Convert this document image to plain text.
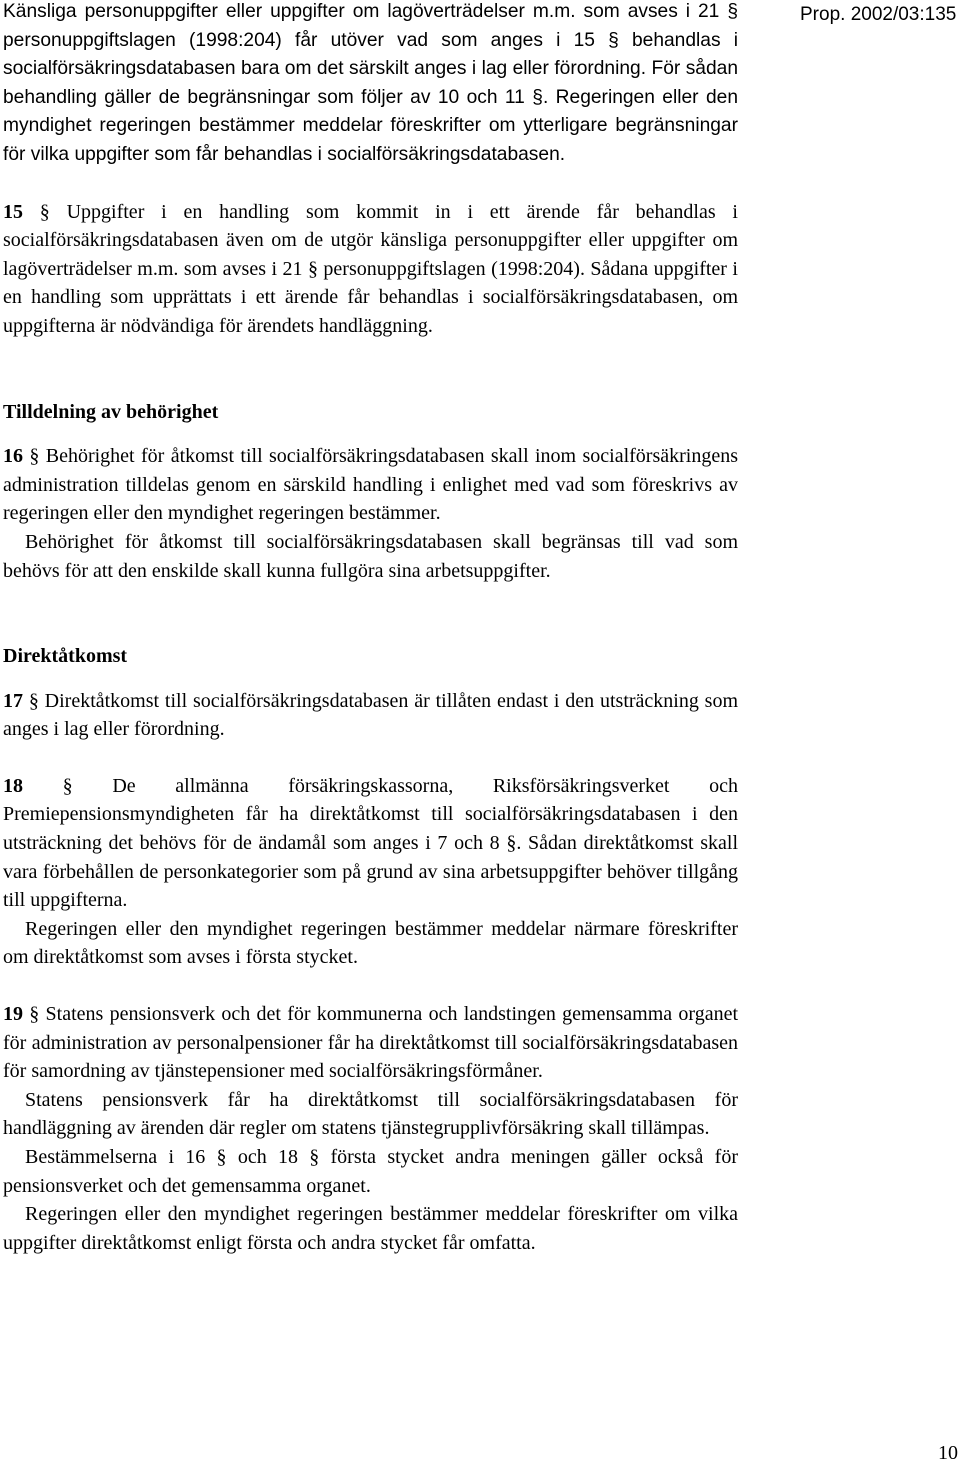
Prop. 2002/03:135

Känsliga personuppgifter eller uppgifter om lagöverträdelser m.m. som avses i 21 § personuppgiftslagen (1998:204) får utöver vad som anges i 15 § behandlas i socialförsäkringsdatabasen bara om det särskilt anges i lag eller förordning. För sådan behandling gäller de begränsningar som följer av 10 och 11 §. Regeringen eller den myndighet regeringen bestämmer meddelar föreskrifter om ytterligare begränsningar för vilka uppgifter som får behandlas i socialförsäkringsdatabasen.

15 § Uppgifter i en handling som kommit in i ett ärende får behandlas i socialförsäkringsdatabasen även om de utgör känsliga personuppgifter eller uppgifter om lagöverträdelser m.m. som avses i 21 § personuppgiftslagen (1998:204). Sådana uppgifter i en handling som upprättats i ett ärende får behandlas i socialförsäkringsdatabasen, om uppgifterna är nödvändiga för ärendets handläggning.

Tilldelning av behörighet

16 § Behörighet för åtkomst till socialförsäkringsdatabasen skall inom socialförsäkringens administration tilldelas genom en särskild handling i enlighet med vad som föreskrivs av regeringen eller den myndighet regeringen bestämmer.

Behörighet för åtkomst till socialförsäkringsdatabasen skall begränsas till vad som behövs för att den enskilde skall kunna fullgöra sina arbetsuppgifter.

Direktåtkomst

17 § Direktåtkomst till socialförsäkringsdatabasen är tillåten endast i den utsträckning som anges i lag eller förordning.

18 § De allmänna försäkringskassorna, Riksförsäkringsverket och Premiepensionsmyndigheten får ha direktåtkomst till socialförsäkringsdatabasen i den utsträckning det behövs för de ändamål som anges i 7 och 8 §. Sådan direktåtkomst skall vara förbehållen de personkategorier som på grund av sina arbetsuppgifter behöver tillgång till uppgifterna.

Regeringen eller den myndighet regeringen bestämmer meddelar närmare föreskrifter om direktåtkomst som avses i första stycket.

19 § Statens pensionsverk och det för kommunerna och landstingen gemensamma organet för administration av personalpensioner får ha direktåtkomst till socialförsäkringsdatabasen för samordning av tjänstepensioner med socialförsäkringsförmåner.

Statens pensionsverk får ha direktåtkomst till socialförsäkringsdatabasen för handläggning av ärenden där regler om statens tjänstegrupplivförsäkring skall tillämpas.

Bestämmelserna i 16 § och 18 § första stycket andra meningen gäller också för pensionsverket och det gemensamma organet.

Regeringen eller den myndighet regeringen bestämmer meddelar föreskrifter om vilka uppgifter direktåtkomst enligt första och andra stycket får omfatta.

10
